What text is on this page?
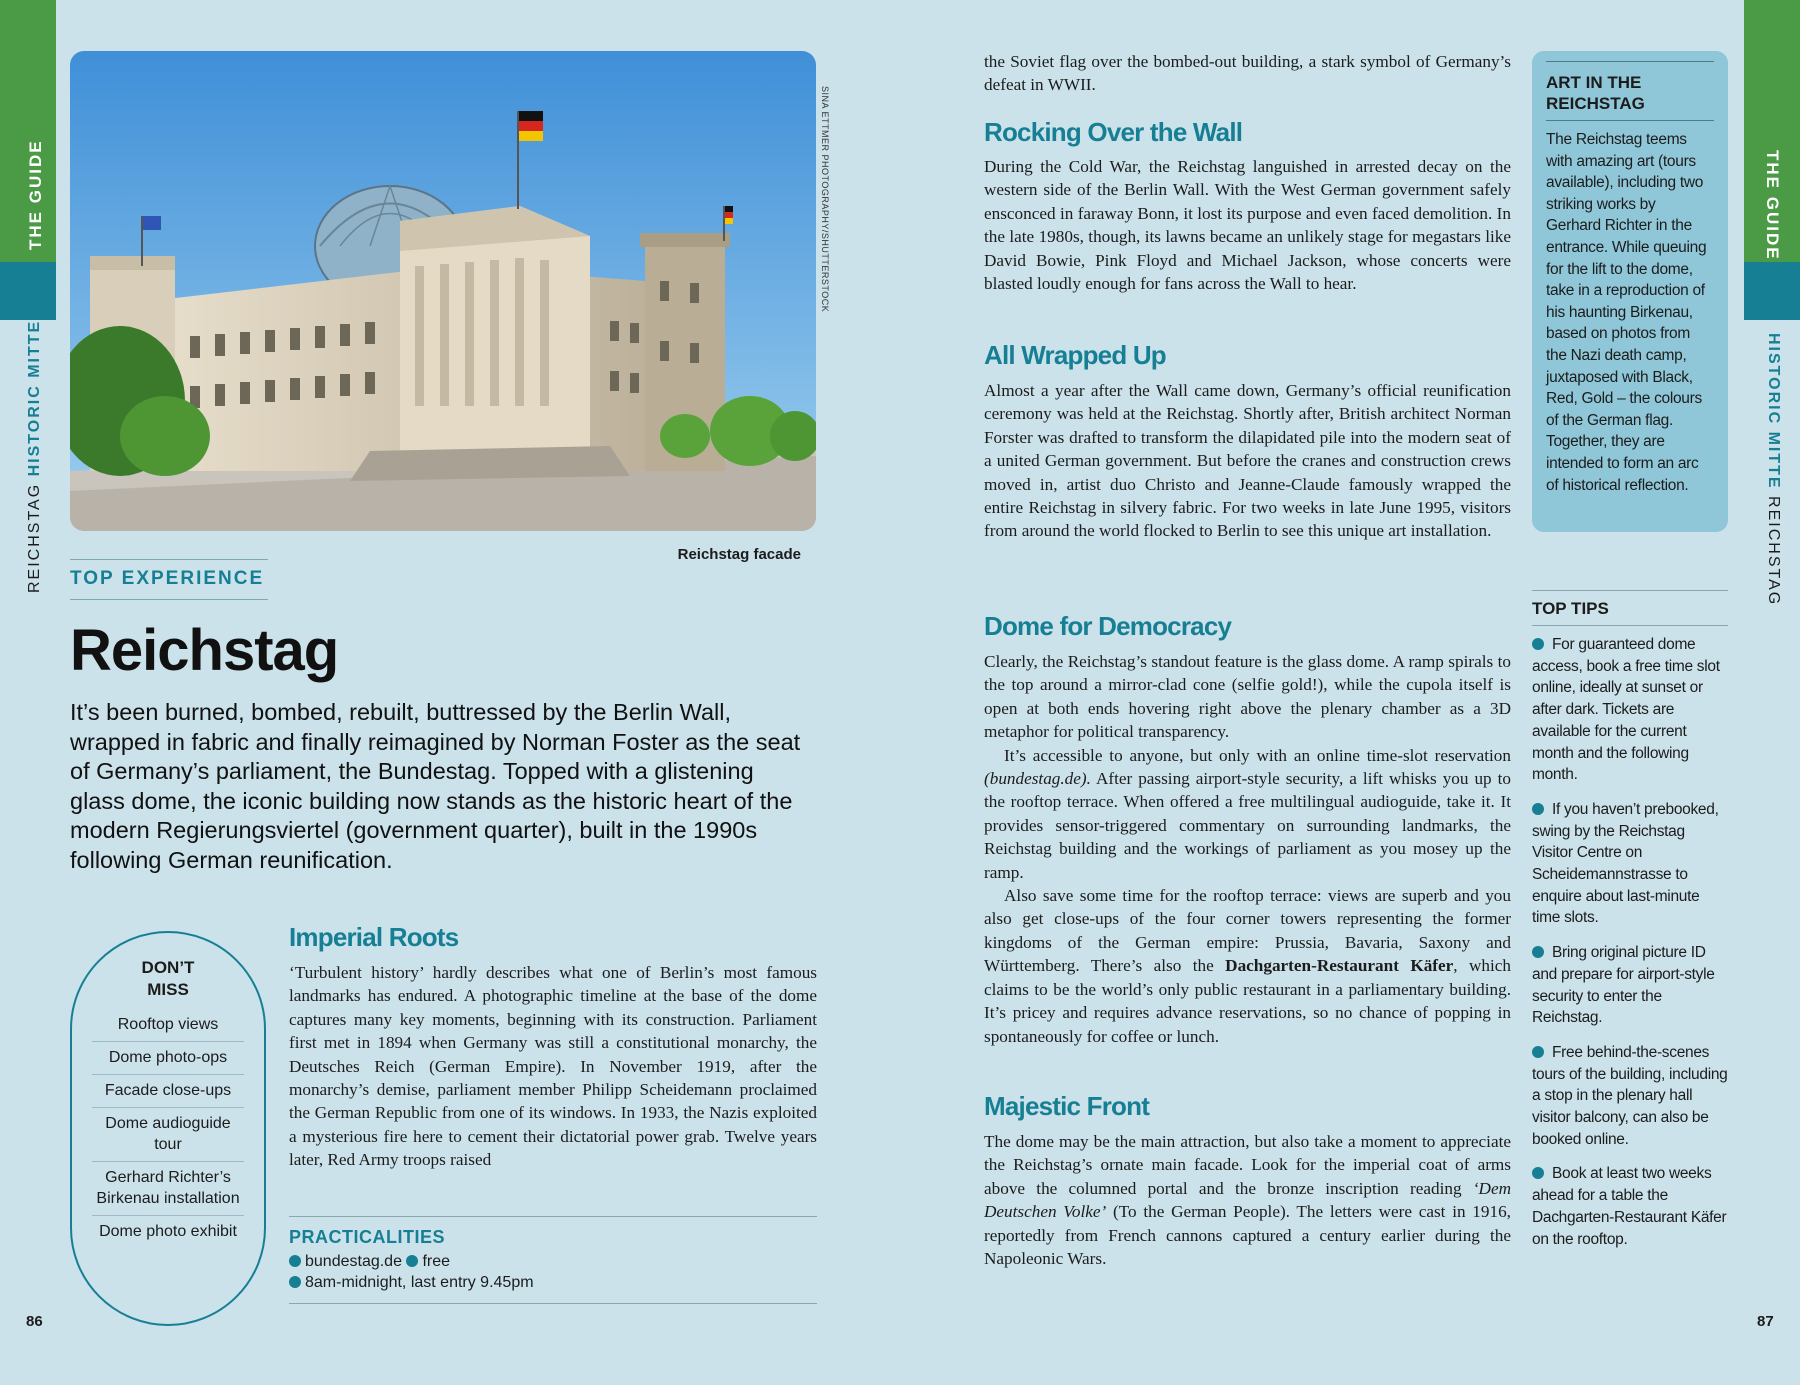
THE GUIDE
REICHSTAG HISTORIC MITTE
THE GUIDE
HISTORIC MITTE REICHSTAG
SINA ETTMER PHOTOGRAPHY/SHUTTERSTOCK
Reichstag facade
TOP EXPERIENCE
Reichstag
It’s been burned, bombed, rebuilt, buttressed by the Berlin Wall, wrapped in fabric and finally reimagined by Norman Foster as the seat of Germany’s parliament, the Bundestag. Topped with a glistening glass dome, the iconic building now stands as the historic heart of the modern Regierungsviertel (government quarter), built in the 1990s following German reunification.
DON’T
MISS
Rooftop views
Dome photo-ops
Facade close-ups
Dome audioguide tour
Gerhard Richter’s Birkenau installation
Dome photo exhibit
Imperial Roots

‘Turbulent history’ hardly describes what one of Berlin’s most famous landmarks has endured. A photographic timeline at the base of the dome captures many key moments, beginning with its construction. Parliament first met in 1894 when Germany was still a constitutional monarchy, the Deutsches Reich (German Empire). In November 1919, after the monarchy’s demise, parliament member Philipp Scheidemann proclaimed the German Republic from one of its windows. In 1933, the Nazis exploited a mysterious fire here to cement their dictatorial power grab. Twelve years later, Red Army troops raised

PRACTICALITIES
bundestag.de free
8am-midnight, last entry 9.45pm
86

the Soviet flag over the bombed-out building, a stark symbol of Germany’s defeat in WWII.

Rocking Over the Wall

During the Cold War, the Reichstag languished in arrested decay on the western side of the Berlin Wall. With the West German government safely ensconced in faraway Bonn, it lost its purpose and even faced demolition. In the late 1980s, though, its lawns became an unlikely stage for megastars like David Bowie, Pink Floyd and Michael Jackson, whose concerts were blasted loudly enough for fans across the Wall to hear.

All Wrapped Up

Almost a year after the Wall came down, Germany’s official reunification ceremony was held at the Reichstag. Shortly after, British architect Norman Forster was drafted to transform the dilapidated pile into the modern seat of a united German government. But before the cranes and construction crews moved in, artist duo Christo and Jeanne-Claude famously wrapped the entire Reichstag in silvery fabric. For two weeks in late June 1995, visitors from around the world flocked to Berlin to see this unique art installation.

Dome for Democracy

Clearly, the Reichstag’s standout feature is the glass dome. A ramp spirals to the top around a mirror-clad cone (selfie gold!), while the cupola itself is open at both ends hovering right above the plenary chamber as a 3D metaphor for political transparency.

It’s accessible to anyone, but only with an online time-slot reservation (bundestag.de). After passing airport-style security, a lift whisks you up to the rooftop terrace. When offered a free multilingual audioguide, take it. It provides sensor-triggered commentary on surrounding landmarks, the Reichstag building and the workings of parliament as you mosey up the ramp.

Also save some time for the rooftop terrace: views are superb and you also get close-ups of the four corner towers representing the former kingdoms of the German empire: Prussia, Bavaria, Saxony and Württemberg. There’s also the Dachgarten-Restaurant Käfer, which claims to be the world’s only public restaurant in a parliamentary building. It’s pricey and requires advance reservations, so no chance of popping in spontaneously for coffee or lunch.

Majestic Front

The dome may be the main attraction, but also take a moment to appreciate the Reichstag’s ornate main facade. Look for the imperial coat of arms above the columned portal and the bronze inscription reading ‘Dem Deutschen Volke’ (To the German People). The letters were cast in 1916, reportedly from French cannons captured a century earlier during the Napoleonic Wars.

ART IN THE
REICHSTAG
The Reichstag teems with amazing art (tours available), including two striking works by Gerhard Richter in the entrance. While queuing for the lift to the dome, take in a reproduction of his haunting Birkenau, based on photos from the Nazi death camp, juxtaposed with Black, Red, Gold – the colours of the German flag. Together, they are intended to form an arc of historical reflection.
TOP TIPS
For guaranteed dome access, book a free time slot online, ideally at sunset or after dark. Tickets are available for the current month and the following month.
If you haven’t prebooked, swing by the Reichstag Visitor Centre on Scheidemannstrasse to enquire about last-minute time slots.
Bring original picture ID and prepare for airport-style security to enter the Reichstag.
Free behind-the-scenes tours of the building, including a stop in the plenary hall visitor balcony, can also be booked online.
Book at least two weeks ahead for a table the Dachgarten-Restaurant Käfer on the rooftop.
87
